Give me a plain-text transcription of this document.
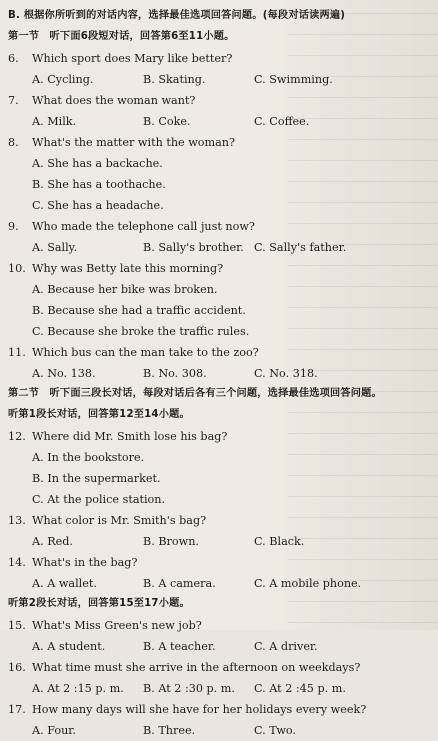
B. 根据你所听到的对话内容，选择最佳选项回答问题。(每段对话读两遍)
第一节　听下面6段短对话，回答第6至11小题。
6.	Which sport does Mary like better?
A. Cycling.	B. Skating.	C. Swimming.
7.	What does the woman want?
A. Milk.	B. Coke.	C. Coffee.
8.	What's the matter with the woman?
A. She has a backache.
B. She has a toothache.
C. She has a headache.
9.	Who made the telephone call just now?
A. Sally.	B. Sally's brother. C. Sally's father.
10. Why was Betty late this morning?
A. Because her bike was broken.
B. Because she had a traffic accident.
C. Because she broke the traffic rules.
11. Which bus can the man take to the zoo?
A. No. 138.	B. No. 308.	C. No. 318.
第二节　听下面三段长对话，每段对话后各有三个问题，选择最佳选项回答问题。
听第1段长对话，回答第12至14小题。
12. Where did Mr. Smith lose his bag?
A. In the bookstore.
B. In the supermarket.
C. At the police station.
13. What color is Mr. Smith's bag?
A. Red.	B. Brown.	C. Black.
14. What's in the bag?
A. A wallet.	B. A camera.	C. A mobile phone.
听第2段长对话，回答第15至17小题。
15. What's Miss Green's new job?
A. A student.	B. A teacher.	C. A driver.
16. What time must she arrive in the afternoon on weekdays?
A. At 2 :15 p. m.	B. At 2 :30 p. m.	C. At 2 :45 p. m.
17. How many days will she have for her holidays every week?
A. Four.	B. Three.	C. Two.
